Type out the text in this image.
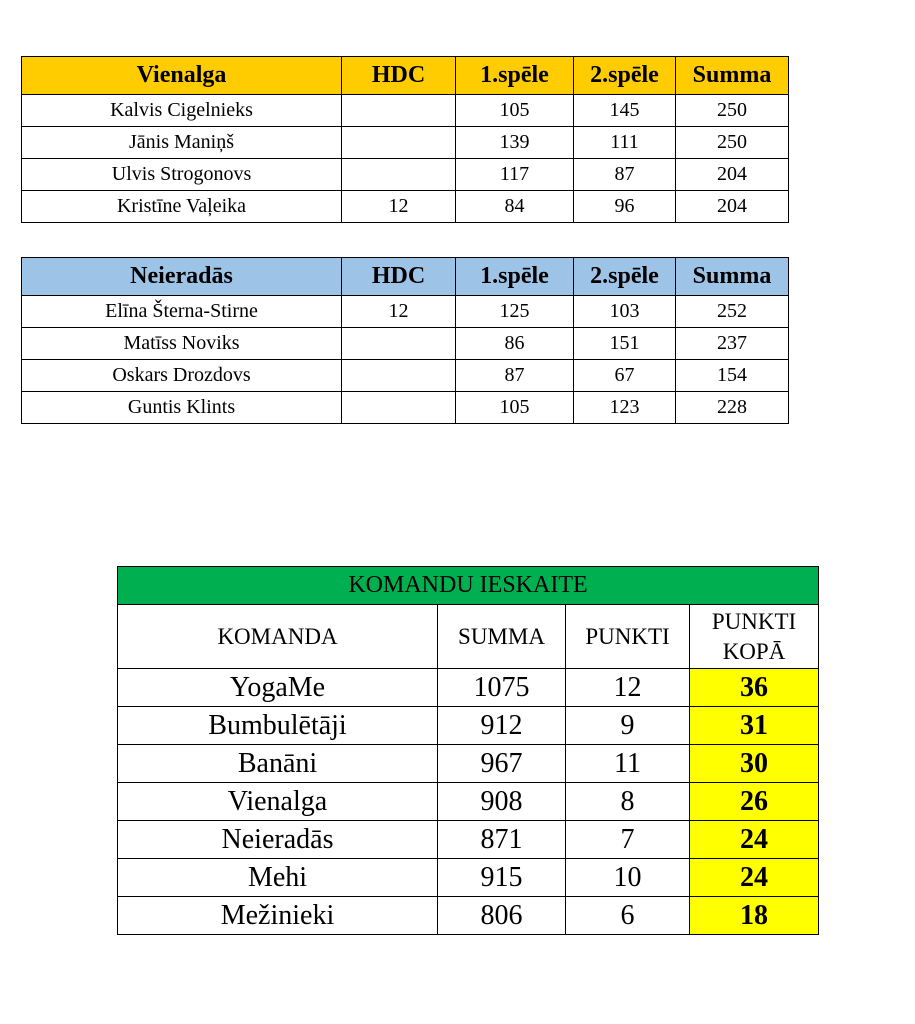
Vienalga	HDC	1.spēle	2.spēle	Summa
Kalvis Cigelnieks		105	145	250
Jānis Maniņš		139	111	250
Ulvis Strogonovs		117	87	204
Kristīne Vaļeika	12	84	96	204
Neieradās	HDC	1.spēle	2.spēle	Summa
Elīna Šterna-Stirne	12	125	103	252
Matīss Noviks		86	151	237
Oskars Drozdovs		87	67	154
Guntis Klints		105	123	228
KOMANDU IESKAITE			
KOMANDA	SUMMA	PUNKTI	PUNKTI KOPĀ
YogaMe	1075	12	36
Bumbulētāji	912	9	31
Banāni	967	11	30
Vienalga	908	8	26
Neieradās	871	7	24
Mehi	915	10	24
Mežinieki	806	6	18
